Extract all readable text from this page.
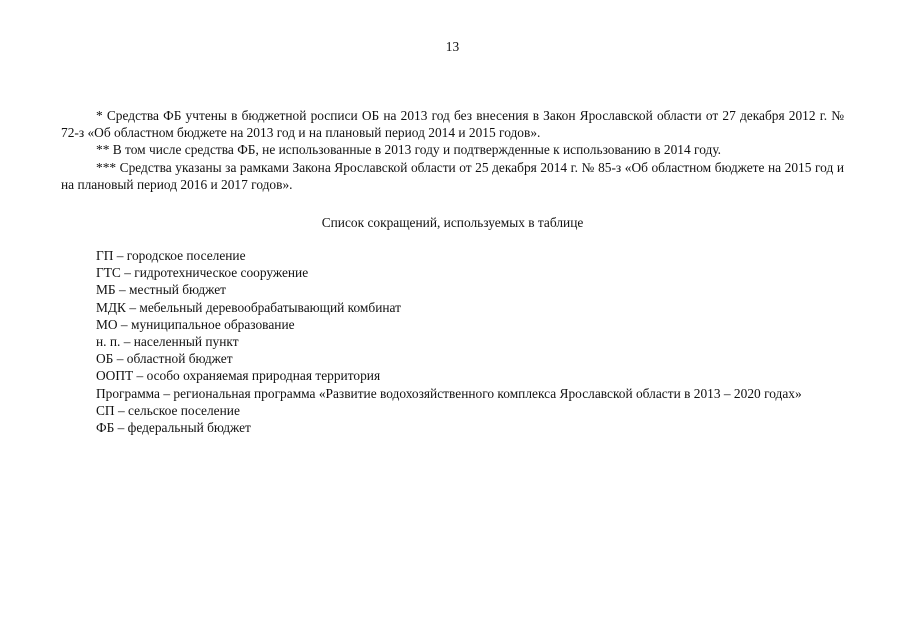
13

* Средства ФБ учтены в бюджетной росписи ОБ на 2013 год без внесения в Закон Ярославской области от 27 декабря 2012 г. № 72-з «Об областном бюджете на 2013 год и на плановый период 2014 и 2015 годов».

** В том числе средства ФБ, не использованные в 2013 году и подтвержденные к использованию в 2014 году.

*** Средства указаны за рамками Закона Ярославской области от 25 декабря 2014 г. № 85-з «Об областном бюджете на 2015 год и на плановый период 2016 и 2017 годов».

Список сокращений, используемых в таблице
ГП – городское поселение
ГТС – гидротехническое сооружение
МБ – местный бюджет
МДК – мебельный деревообрабатывающий комбинат
МО – муниципальное образование
н. п. – населенный пункт
ОБ – областной бюджет
ООПТ – особо охраняемая природная территория
Программа – региональная программа «Развитие водохозяйственного комплекса Ярославской области в 2013 – 2020 годах»
СП – сельское поселение
ФБ – федеральный бюджет
